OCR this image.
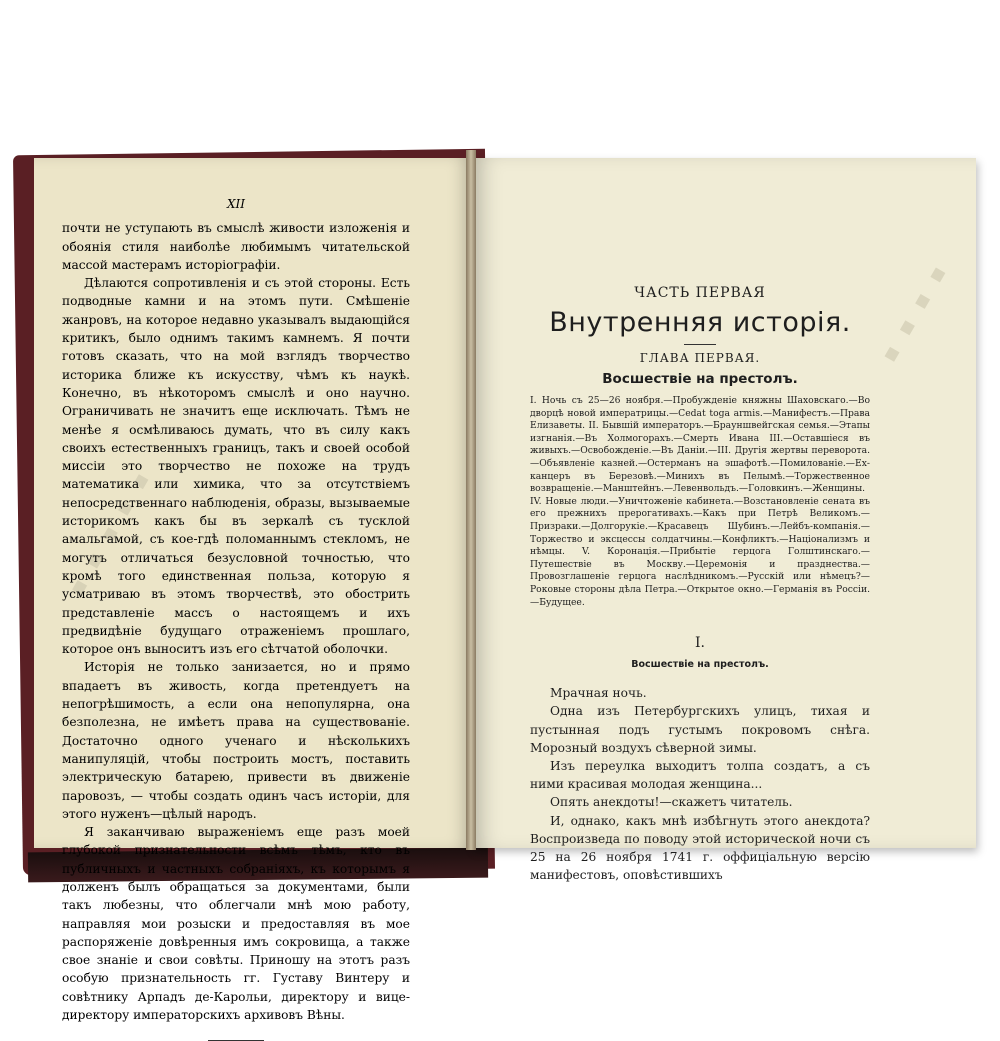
▪ ▪ ▪ ▪ ▪
▪ ▪ ▪ ▪
XII

почти не уступають въ смыслѣ живости изложенія и обоянія стиля наиболѣе любимымъ читательской массой мастерамъ исторіографіи.

Дѣлаются сопротивленія и съ этой стороны. Есть подводные камни и на этомъ пути. Смѣшеніе жанровъ, на которое недавно указывалъ выдающійся критикъ, было однимъ такимъ камнемъ. Я почти готовъ сказать, что на мой взглядъ творчество историка ближе къ искусству, чѣмъ къ наукѣ. Конечно, въ нѣкоторомъ смыслѣ и оно научно. Ограничивать не значитъ еще исключать. Тѣмъ не менѣе я осмѣливаюсь думать, что въ силу какъ своихъ естественныхъ границъ, такъ и своей особой миссіи это творчество не похоже на трудъ математика или химика, что за отсутствіемъ непосредственнаго наблюденія, образы, вызываемые историкомъ какъ бы въ зеркалѣ съ тусклой амальгамой, съ кое-гдѣ поломаннымъ стекломъ, не могутъ отличаться безусловной точностью, что кромѣ того единственная польза, которую я усматриваю въ этомъ творчествѣ, это обострить представленіе массъ о настоящемъ и ихъ предвидѣніе будущаго отраженіемъ прошлаго, которое онъ выноситъ изъ его сѣтчатой оболочки.

Исторія не только занизается, но и прямо впадаетъ въ живость, когда претендуетъ на непогрѣшимость, а если она непопулярна, она безполезна, не имѣетъ права на существованіе. Достаточно одного ученаго и нѣсколькихъ манипуляцій, чтобы построить мостъ, поставить электрическую батарею, привести въ движеніе паровозъ, — чтобы создать одинъ часъ исторіи, для этого нуженъ—цѣлый народъ.

Я заканчиваю выраженіемъ еще разъ моей глубокой признательности всѣмъ тѣмъ, кто въ публичныхъ и частныхъ собраніяхъ, къ которымъ я долженъ былъ обращаться за документами, были такъ любезны, что облегчали мнѣ мою работу, направляя мои розыски и предоставляя въ мое распоряженіе довѣренныя имъ сокровища, а также свое знаніе и свои совѣты. Приношу на этотъ разъ особую признательность гг. Густаву Винтеру и совѣтнику Арпадъ де-Карольи, директору и вице-директору императорскихъ архивовъ Вѣны.

ЧАСТЬ ПЕРВАЯ
Внутренняя исторія.
ГЛАВА ПЕРВАЯ.
Восшествіе на престолъ.

I. Ночь съ 25—26 ноября.—Пробужденіе княжны Шаховскаго.—Во дворцѣ новой императрицы.—Cedat toga armis.—Манифестъ.—Права Елизаветы. II. Бывшій императоръ.—Брауншвейгская семья.—Этапы изгнанія.—Въ Холмогорахъ.—Смерть Ивана III.—Оставшіеся въ живыхъ.—Освобожденіе.—Въ Даніи.—III. Другія жертвы переворота.—Объявленіе казней.—Остерманъ на эшафотѣ.—Помилованіе.—Ех-канцеръ въ Березовѣ.—Минихъ въ Пелымѣ.—Торжественное возвращеніе.—Манштейнъ.—Левенвольдъ.—Головкинъ.—Женщины. IV. Новые люди.—Уничтоженіе кабинета.—Возстановленіе сената въ его прежнихъ прерогативахъ.—Какъ при Петрѣ Великомъ.—Призраки.—Долгорукіе.—Красавецъ Шубинъ.—Лейбъ-компанія.—Торжество и эксцессы солдатчины.—Конфликтъ.—Націонализмъ и нѣмцы. V. Коронація.—Прибытіе герцога Голштинскаго.—Путешествіе въ Москву.—Церемонія и празднества.—Провозглашеніе герцога наслѣдникомъ.—Русскій или нѣмецъ?—Роковые стороны дѣла Петра.—Открытое окно.—Германія въ Россіи.—Будущее.

I.
Восшествіе на престолъ.

Мрачная ночь.

Одна изъ Петербургскихъ улицъ, тихая и пустынная подъ густымъ покровомъ снѣга. Морозный воздухъ сѣверной зимы.

Изъ переулка выходитъ толпа создатъ, а съ ними красивая молодая женщина...

Опять анекдоты!—скажетъ читатель.

И, однако, какъ мнѣ избѣгнуть этого анекдота? Воспроизведа по поводу этой исторической ночи съ 25 на 26 ноября 1741 г. оффиціальную версію манифестовъ, оповѣстившихъ
